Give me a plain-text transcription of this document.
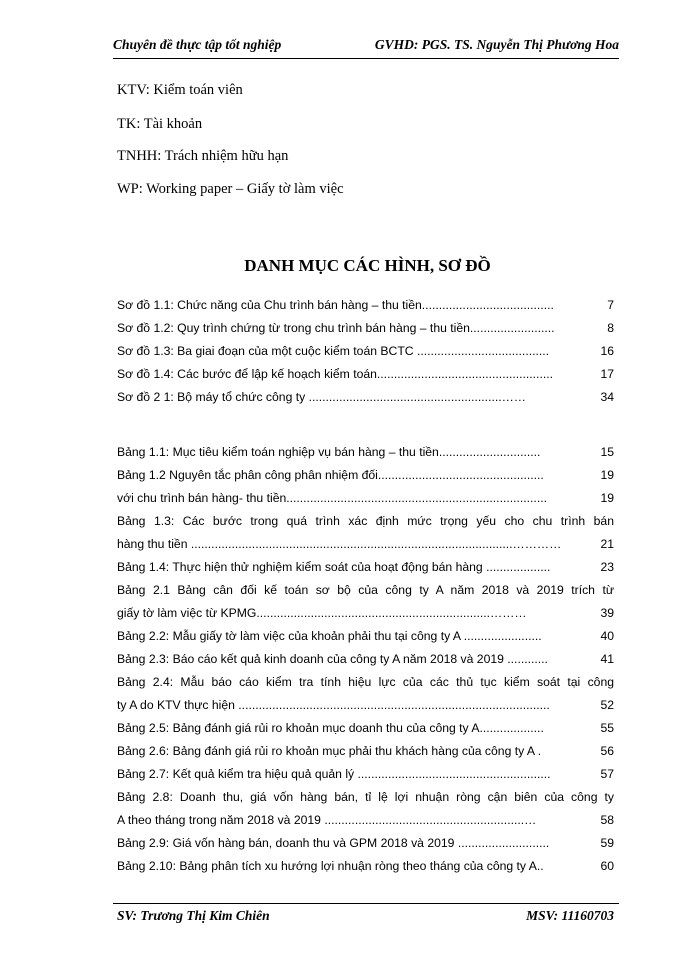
Chuyên đề thực tập tốt nghiệp	GVHD: PGS. TS. Nguyễn Thị Phương Hoa
KTV: Kiểm toán viên
TK: Tài khoản
TNHH: Trách nhiệm hữu hạn
WP: Working paper – Giấy tờ làm việc
DANH MỤC CÁC HÌNH, SƠ ĐỒ
Sơ đồ 1.1: Chức năng của Chu trình bán hàng – thu tiền.......................................	7
Sơ đồ 1.2: Quy trình chứng từ trong chu trình bán hàng – thu tiền.........................	8
Sơ đồ 1.3: Ba giai đoạn của một cuộc kiểm toán BCTC .......................................	16
Sơ đồ 1.4: Các bước để lập kế hoạch kiểm toán....................................................	17
Sơ đồ 2 1: Bộ máy tổ chức công ty .........................................................……	34
Bảng 1.1: Mục tiêu kiểm toán nghiệp vụ bán hàng – thu tiền..............................	15
Bảng 1.2 Nguyên tắc phân công phân nhiệm đối.................................................	19
với chu trình bán hàng- thu tiền.............................................................................	19
Bảng 1.3: Các bước trong quá trình xác định mức trọng yếu cho chu trình bán
hàng thu tiền ...............................................................................................…………	21
Bảng 1.4: Thực hiện thử nghiệm kiểm soát của hoạt động bán hàng ...................	23
Bảng 2.1 Bảng cân đối kế toán sơ bộ của công ty A năm 2018 và 2019 trích từ
giấy tờ làm việc từ KPMG.....................................................................………	39
Bảng 2.2: Mẫu giấy tờ làm việc của khoản phải thu tại công ty A .......................	40
Bảng 2.3: Báo cáo kết quả kinh doanh của công ty A năm 2018 và 2019 ............	41
Bảng 2.4: Mẫu báo cáo kiểm tra tính hiệu lực của các thủ tục kiểm soát tại công
ty A do KTV thực hiện ............................................................................................	52
Bảng 2.5: Bảng đánh giá rủi ro khoản mục doanh thu của công ty A...................	55
Bảng 2.6: Bảng đánh giá rủi ro khoản mục phải thu khách hàng của công ty A .	56
Bảng 2.7: Kết quả kiểm tra hiệu quả quản lý .........................................................	57
Bảng 2.8: Doanh thu, giá vốn hàng bán, tỉ lệ lợi nhuận ròng cận biên của công ty
A theo tháng trong năm 2018 và 2019 ...........................................................…	58
Bảng 2.9: Giá vốn hàng bán, doanh thu và GPM 2018 và 2019 ...........................	59
Bảng 2.10: Bảng phân tích xu hướng lợi nhuận ròng theo tháng của công ty A..	60
SV: Trương Thị Kim Chiên	MSV: 11160703
